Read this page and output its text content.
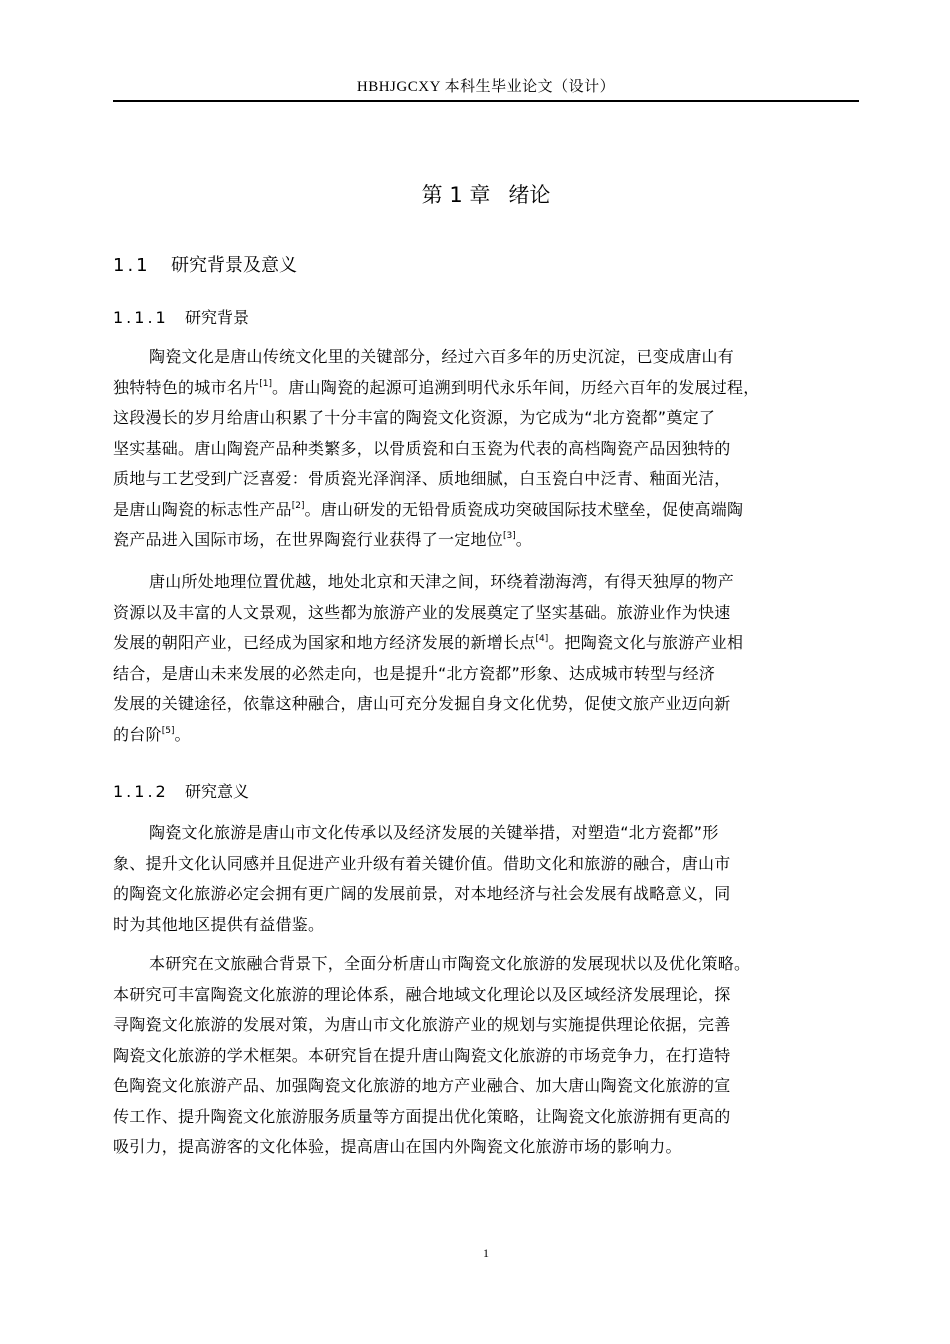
HBHJGCXY 本科生毕业论文（设计）
第 1 章 绪论
1.1 研究背景及意义
1.1.1 研究背景
陶瓷文化是唐山传统文化里的关键部分，经过六百多年的历史沉淀，已变成唐山有
独特特色的城市名片[1]。唐山陶瓷的起源可追溯到明代永乐年间，历经六百年的发展过程，
这段漫长的岁月给唐山积累了十分丰富的陶瓷文化资源，为它成为“北方瓷都”奠定了
坚实基础。唐山陶瓷产品种类繁多，以骨质瓷和白玉瓷为代表的高档陶瓷产品因独特的
质地与工艺受到广泛喜爱：骨质瓷光泽润泽、质地细腻，白玉瓷白中泛青、釉面光洁，
是唐山陶瓷的标志性产品[2]。唐山研发的无铅骨质瓷成功突破国际技术壁垒，促使高端陶
瓷产品进入国际市场，在世界陶瓷行业获得了一定地位[3]。
唐山所处地理位置优越，地处北京和天津之间，环绕着渤海湾，有得天独厚的物产
资源以及丰富的人文景观，这些都为旅游产业的发展奠定了坚实基础。旅游业作为快速
发展的朝阳产业，已经成为国家和地方经济发展的新增长点[4]。把陶瓷文化与旅游产业相
结合，是唐山未来发展的必然走向，也是提升“北方瓷都”形象、达成城市转型与经济
发展的关键途径，依靠这种融合，唐山可充分发掘自身文化优势，促使文旅产业迈向新
的台阶[5]。
1.1.2 研究意义
陶瓷文化旅游是唐山市文化传承以及经济发展的关键举措，对塑造“北方瓷都”形
象、提升文化认同感并且促进产业升级有着关键价值。借助文化和旅游的融合，唐山市
的陶瓷文化旅游必定会拥有更广阔的发展前景，对本地经济与社会发展有战略意义，同
时为其他地区提供有益借鉴。
本研究在文旅融合背景下，全面分析唐山市陶瓷文化旅游的发展现状以及优化策略。
本研究可丰富陶瓷文化旅游的理论体系，融合地域文化理论以及区域经济发展理论，探
寻陶瓷文化旅游的发展对策，为唐山市文化旅游产业的规划与实施提供理论依据，完善
陶瓷文化旅游的学术框架。本研究旨在提升唐山陶瓷文化旅游的市场竞争力，在打造特
色陶瓷文化旅游产品、加强陶瓷文化旅游的地方产业融合、加大唐山陶瓷文化旅游的宣
传工作、提升陶瓷文化旅游服务质量等方面提出优化策略，让陶瓷文化旅游拥有更高的
吸引力，提高游客的文化体验，提高唐山在国内外陶瓷文化旅游市场的影响力。
1
